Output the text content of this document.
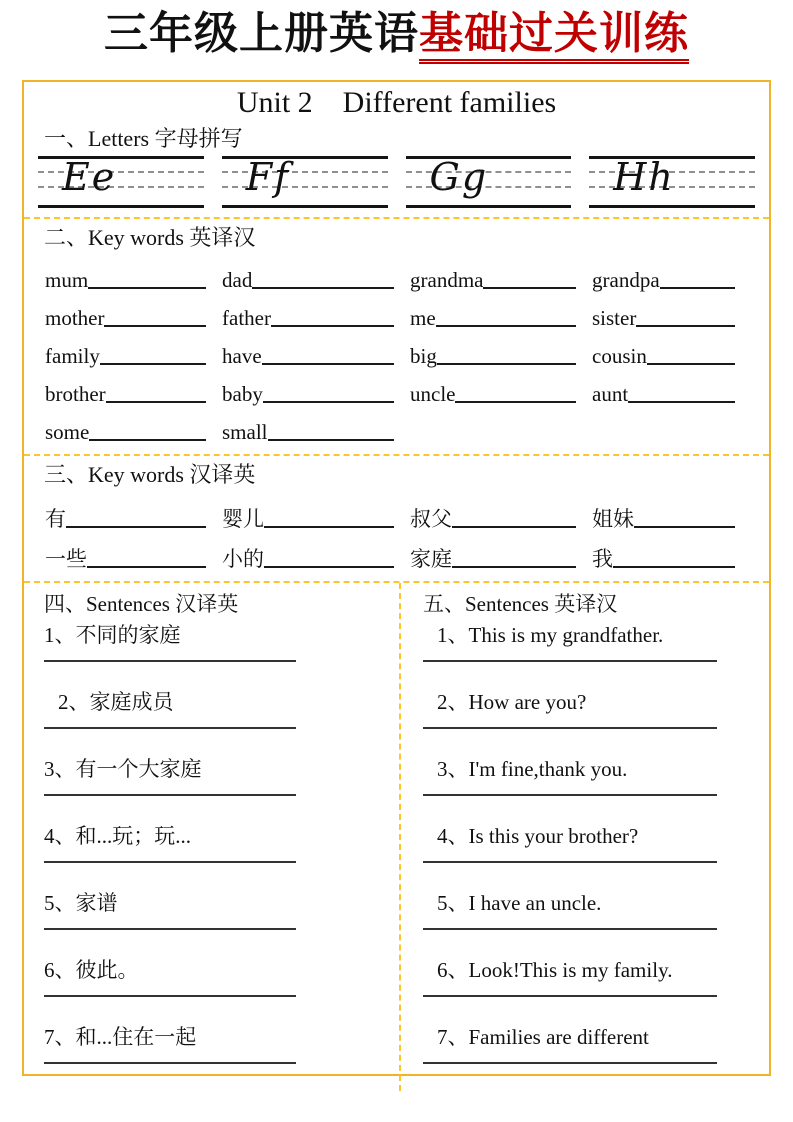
三年级上册英语基础过关训练
Unit 2    Different families
一、Letters 字母拼写
Ee	Ff	Gg	Hh
二、Key words 英译汉
mum	dad	grandma	grandpa
mother	father	me	sister
family	have	big	cousin
brother	baby	uncle	aunt
some	small
三、Key words 汉译英
有	婴儿	叔父	姐妹
一些	小的	家庭	我
四、Sentences 汉译英
1、不同的家庭
2、家庭成员
3、有一个大家庭
4、和...玩；玩...
5、家谱
6、彼此。
7、和...住在一起
五、Sentences 英译汉
1、This is my grandfather.
2、How are you?
3、I'm fine,thank you.
4、Is this your brother?
5、I have an uncle.
6、Look!This is my family.
7、Families are different
